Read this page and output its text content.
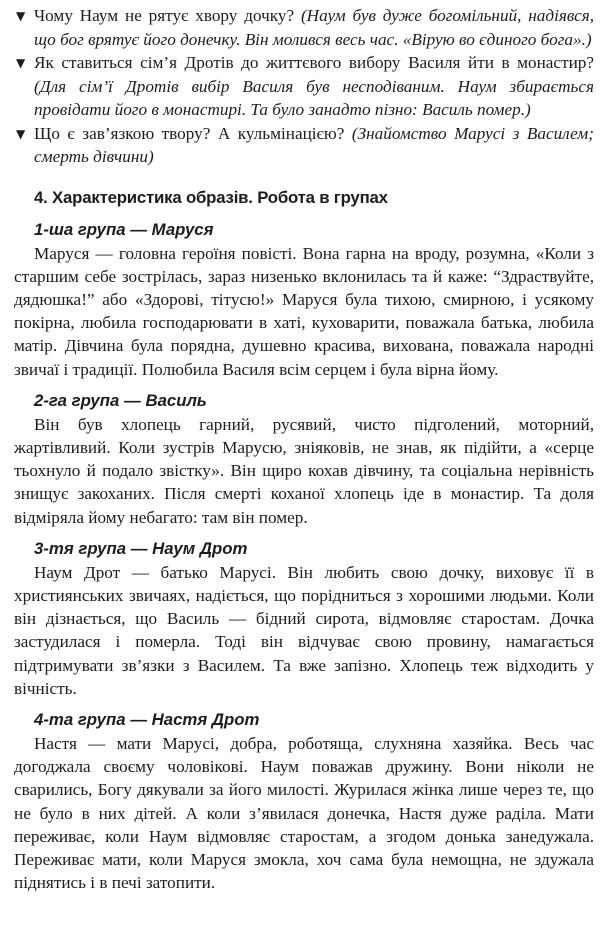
▼ Чому Наум не рятує хвору дочку? (Наум був дуже богомільний, надіявся, що бог врятує його донечку. Він молився весь час. «Вірую во єдиного бога».)
▼ Як ставиться сім’я Дротів до життєвого вибору Василя йти в монастир? (Для сім’ї Дротів вибір Василя був несподіваним. Наум збирається провідати його в монастирі. Та було занадто пізно: Василь помер.)
▼ Що є зав’язкою твору? А кульмінацією? (Знайомство Марусі з Василем; смерть дівчини)
4. Характеристика образів. Робота в групах
1-ша група — Маруся

Маруся — головна героїня повісті. Вона гарна на вроду, розумна, «Коли з старшим себе зострілась, зараз низенько вклонилась та й каже: “Здраствуйте, дядюшка!” або «Здорові, тітусю!» Маруся була тихою, смирною, і усякому покірна, любила господарювати в хаті, куховарити, поважала батька, любила матір. Дівчина була порядна, душевно красива, вихована, поважала народні звичаї і традиції. Полюбила Василя всім серцем і була вірна йому.

2-га група — Василь

Він був хлопець гарний, русявий, чисто підголений, моторний, жартівливий. Коли зустрів Марусю, зніяковів, не знав, як підійти, а «серце тьохнуло й подало звістку». Він щиро кохав дівчину, та соціальна нерівність знищує закоханих. Після смерті коханої хлопець іде в монастир. Та доля відміряла йому небагато: там він помер.

3-тя група — Наум Дрот

Наум Дрот — батько Марусі. Він любить свою дочку, виховує її в християнських звичаях, надіється, що поріднитьcя з хорошими людьми. Коли він дізнається, що Василь — бідний сирота, відмовляє старостам. Дочка застудилася і померла. Тоді він відчуває свою провину, намагається підтримувати зв’язки з Василем. Та вже запізно. Хлопець теж відходить у вічність.

4-та група — Настя Дрот

Настя — мати Марусі, добра, роботяща, слухняна хазяйка. Весь час догоджала своєму чоловікові. Наум поважав дружину. Вони ніколи не сварились, Богу дякували за його милості. Журилася жінка лише через те, що не було в них дітей. А коли з’явилася донечка, Настя дуже раділа. Мати переживає, коли Наум відмовляє старостам, а згодом донька занедужала. Переживає мати, коли Маруся змокла, хоч сама була немощна, не здужала піднятись і в печі затопити.
